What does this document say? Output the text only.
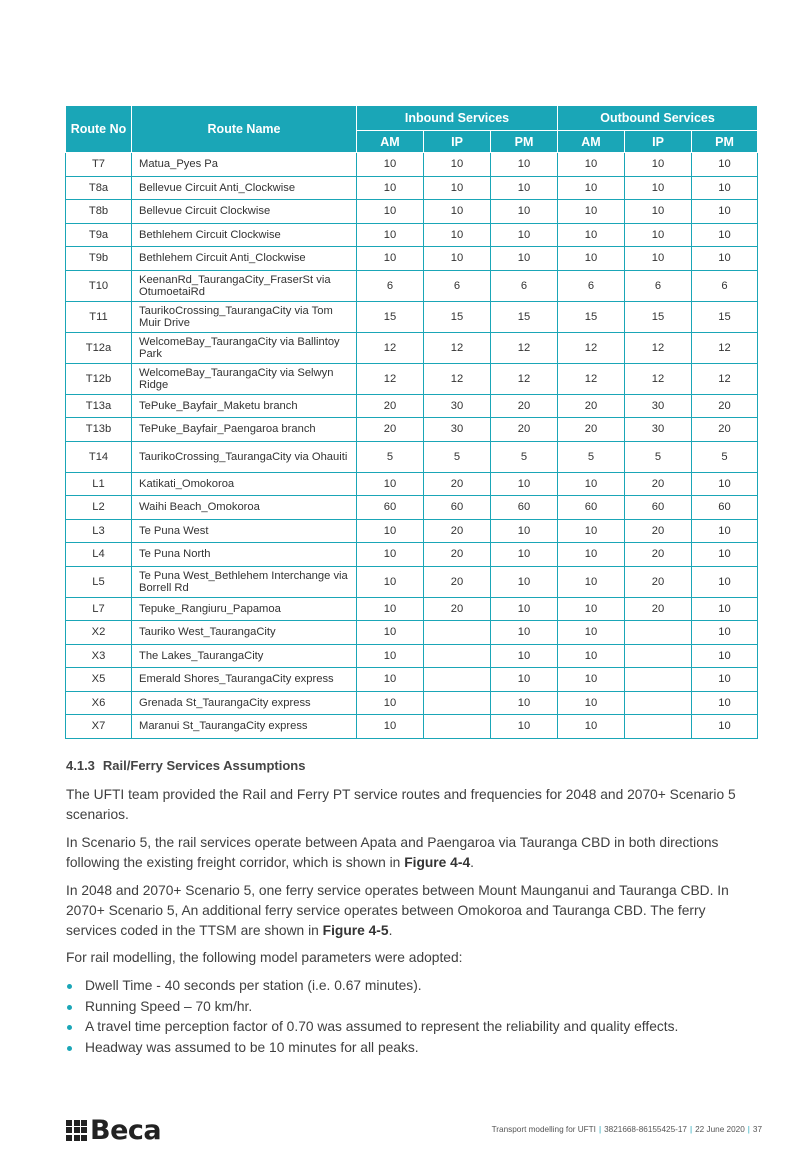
Route No	Route Name	Inbound Services			Outbound Services		
		AM	IP	PM	AM	IP	PM
T7	Matua_Pyes Pa	10	10	10	10	10	10
T8a	Bellevue Circuit Anti_Clockwise	10	10	10	10	10	10
T8b	Bellevue Circuit Clockwise	10	10	10	10	10	10
T9a	Bethlehem Circuit Clockwise	10	10	10	10	10	10
T9b	Bethlehem Circuit Anti_Clockwise	10	10	10	10	10	10
T10	KeenanRd_TaurangaCity_FraserSt via OtumoetaiRd	6	6	6	6	6	6
T11	TaurikoCrossing_TaurangaCity via Tom Muir Drive	15	15	15	15	15	15
T12a	WelcomeBay_TaurangaCity via Ballintoy Park	12	12	12	12	12	12
T12b	WelcomeBay_TaurangaCity via Selwyn Ridge	12	12	12	12	12	12
T13a	TePuke_Bayfair_Maketu branch	20	30	20	20	30	20
T13b	TePuke_Bayfair_Paengaroa branch	20	30	20	20	30	20
T14	TaurikoCrossing_TaurangaCity via Ohauiti	5	5	5	5	5	5
L1	Katikati_Omokoroa	10	20	10	10	20	10
L2	Waihi Beach_Omokoroa	60	60	60	60	60	60
L3	Te Puna West	10	20	10	10	20	10
L4	Te Puna North	10	20	10	10	20	10
L5	Te Puna West_Bethlehem Interchange via Borrell Rd	10	20	10	10	20	10
L7	Tepuke_Rangiuru_Papamoa	10	20	10	10	20	10
X2	Tauriko West_TaurangaCity	10		10	10		10
X3	The Lakes_TaurangaCity	10		10	10		10
X5	Emerald Shores_TaurangaCity express	10		10	10		10
X6	Grenada St_TaurangaCity express	10		10	10		10
X7	Maranui St_TaurangaCity express	10		10	10		10
4.1.3 Rail/Ferry Services Assumptions
The UFTI team provided the Rail and Ferry PT service routes and frequencies for 2048 and 2070+ Scenario 5 scenarios.
In Scenario 5, the rail services operate between Apata and Paengaroa via Tauranga CBD in both directions following the existing freight corridor, which is shown in Figure 4-4.
In 2048 and 2070+ Scenario 5, one ferry service operates between Mount Maunganui and Tauranga CBD. In 2070+ Scenario 5, An additional ferry service operates between Omokoroa and Tauranga CBD. The ferry services coded in the TTSM are shown in Figure 4-5.
For rail modelling, the following model parameters were adopted:
Dwell Time - 40 seconds per station (i.e. 0.67 minutes).
Running Speed – 70 km/hr.
A travel time perception factor of 0.70 was assumed to represent the reliability and quality effects.
Headway was assumed to be 10 minutes for all peaks.
Beca	Transport modelling for UFTI | 3821668-86155425-17 | 22 June 2020 | 37
